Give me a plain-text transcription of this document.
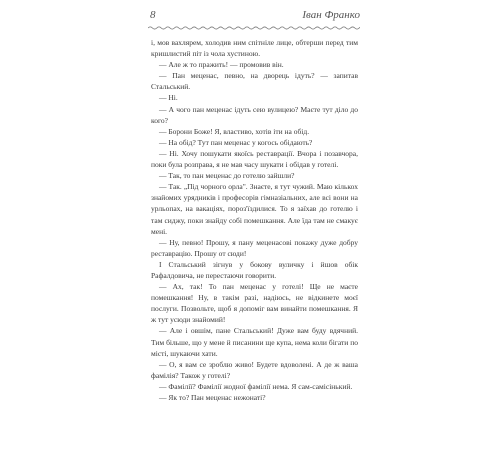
8	Іван Франко

і, мов вахлярем, холодив ним спітніле лице, обтерши перед тим кришлистий піт із чола хустиною.

— Але ж то пражить! — промовив він.

— Пан меценас, певно, на дворець ідуть? — запитав Стальський.

— Ні.

— А чого пан меценас ідуть сею вулицею? Маєте тут діло до кого?

— Борони Боже! Я, властиво, хотів іти на обід.

— На обід? Тут пан меценас у когось обідають?

— Ні. Хочу пошукати якоїсь реставрації. Вчора і позавчора, поки була розправа, я не мав часу шукати і обідав у готелі.

— Так, то пан меценас до готелю зайшли?

— Так. „Під чорного орла". Знаєте, я тут чужий. Маю кількох знайомих урядників і професорів гімназіальних, але всі вони на урльопах, на вакаціях, пороз'їздилися. То я заїхав до готелю і там сиджу, поки знайду собі помешкання. Але їда там не смакує мені.

— Ну, певно! Прошу, я пану меценасові покажу дуже добру реставрацію. Прошу от сюди!

І Стальський зігнув у бокову вуличку і йшов обік Рафалдовича, не перестаючи говорити.

— Ах, так! То пан меценас у готелі! Ще не маєте помешкання! Ну, в такім разі, надіюсь, не відкинете моєї послуги. Позвольте, щоб я допоміг вам винайти помешкання. Я ж тут усюди знайомий!

— Але і овшім, пане Стальський! Дуже вам буду вдячний. Тим більше, що у мене й писанини ще купа, нема коли бігати по місті, шукаючи хати.

— О, я вам се зроблю живо! Будете вдоволені. А де ж ваша фамілія? Також у готелі?

— Фамілії? Фамілії жодної фамілії нема. Я сам-самісінький.

— Як то? Пан меценас нежонаті?
